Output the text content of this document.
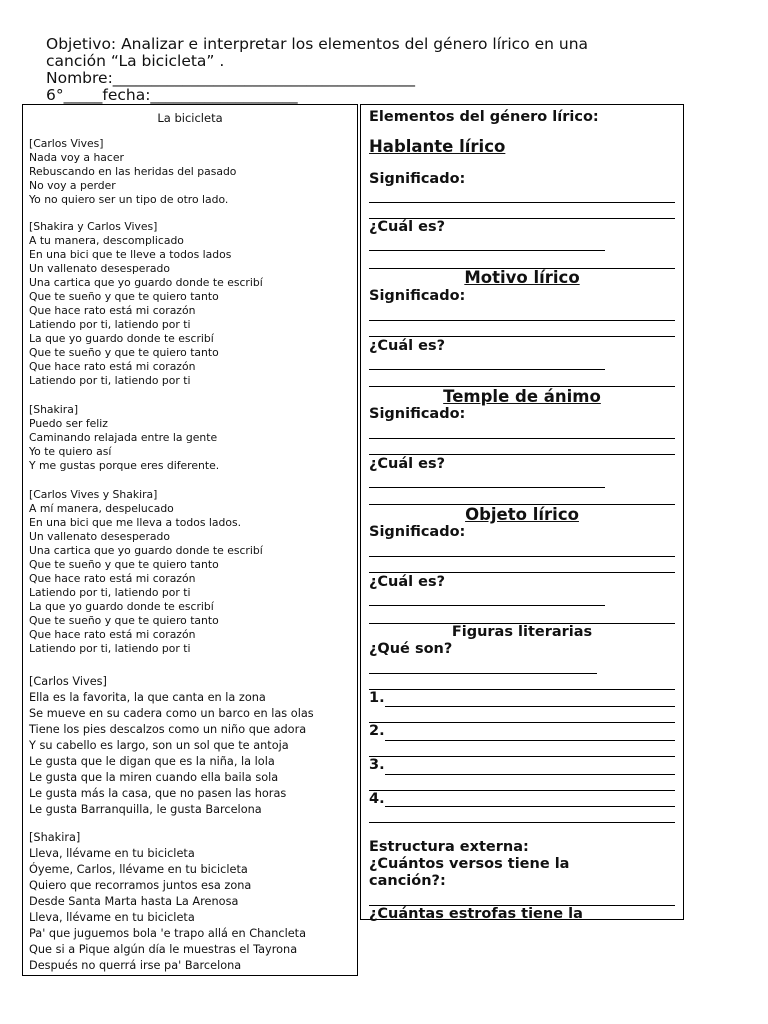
Objetivo: Analizar e interpretar los elementos del género lírico en una
canción “La bicicleta” .
Nombre:_______________________________________
6°_____fecha:___________________
La bicicleta
[Carlos Vives]
Nada voy a hacer
Rebuscando en las heridas del pasado
No voy a perder
Yo no quiero ser un tipo de otro lado.
[Shakira y Carlos Vives]
A tu manera, descomplicado
En una bici que te lleve a todos lados
Un vallenato desesperado
Una cartica que yo guardo donde te escribí
Que te sueño y que te quiero tanto
Que hace rato está mi corazón
Latiendo por ti, latiendo por ti
La que yo guardo donde te escribí
Que te sueño y que te quiero tanto
Que hace rato está mi corazón
Latiendo por ti, latiendo por ti
[Shakira]
Puedo ser feliz
Caminando relajada entre la gente
Yo te quiero así
Y me gustas porque eres diferente.
[Carlos Vives y Shakira]
A mí manera, despelucado
En una bici que me lleva a todos lados.
Un vallenato desesperado
Una cartica que yo guardo donde te escribí
Que te sueño y que te quiero tanto
Que hace rato está mi corazón
Latiendo por ti, latiendo por ti
La que yo guardo donde te escribí
Que te sueño y que te quiero tanto
Que hace rato está mi corazón
Latiendo por ti, latiendo por ti
[Carlos Vives]
Ella es la favorita, la que canta en la zona
Se mueve en su cadera como un barco en las olas
Tiene los pies descalzos como un niño que adora
Y su cabello es largo, son un sol que te antoja
Le gusta que le digan que es la niña, la lola
Le gusta que la miren cuando ella baila sola
Le gusta más la casa, que no pasen las horas
Le gusta Barranquilla, le gusta Barcelona
[Shakira]
Lleva, llévame en tu bicicleta
Óyeme, Carlos, llévame en tu bicicleta
Quiero que recorramos juntos esa zona
Desde Santa Marta hasta La Arenosa
Lleva, llévame en tu bicicleta
Pa' que juguemos bola 'e trapo allá en Chancleta
Que si a Pique algún día le muestras el Tayrona
Después no querrá irse pa' Barcelona
Elementos del género lírico:
Hablante lírico
Significado:
¿Cuál es?
Motivo lírico
Significado:
¿Cuál es?
Temple de ánimo
Significado:
¿Cuál es?
Objeto lírico
Significado:
¿Cuál es?
Figuras literarias
¿Qué son?
1.
2.
3.
4.
Estructura externa:
¿Cuántos versos tiene la
canción?:
¿Cuántas estrofas tiene la
